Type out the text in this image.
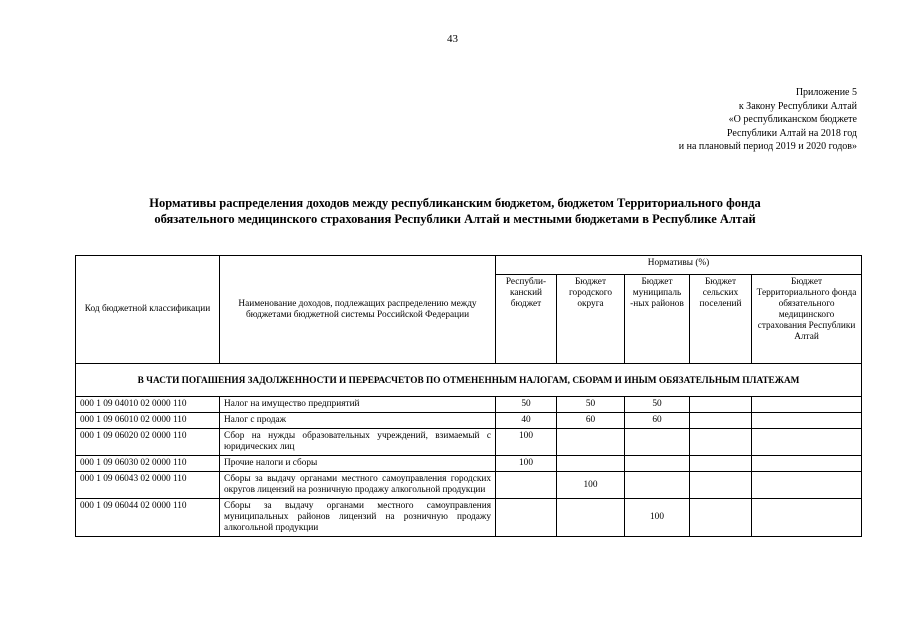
43
Приложение 5
к Закону Республики Алтай
«О республиканском бюджете
Республики Алтай на 2018 год
и на плановый период 2019 и 2020 годов»
Нормативы распределения доходов между республиканским бюджетом, бюджетом Территориального фонда
обязательного медицинского страхования Республики Алтай и местными бюджетами в Республике Алтай
Код бюджетной классификации	Наименование доходов, подлежащих распределению между бюджетами бюджетной системы Российской Федерации	Нормативы (%)				
		Республи-канский бюджет	Бюджет городского округа	Бюджет муниципаль -ных районов	Бюджет сельских поселений	Бюджет Территориального фонда обязательного медицинского страхования Республики Алтай
В ЧАСТИ ПОГАШЕНИЯ ЗАДОЛЖЕННОСТИ И ПЕРЕРАСЧЕТОВ ПО ОТМЕНЕННЫМ НАЛОГАМ, СБОРАМ И ИНЫМ ОБЯЗАТЕЛЬНЫМ ПЛАТЕЖАМ						
000 1 09 04010 02 0000 110	Налог на имущество предприятий	50	50	50		
000 1 09 06010 02 0000 110	Налог с продаж	40	60	60		
000 1 09 06020 02 0000 110	Сбор на нужды образовательных учреждений, взимаемый с юридических лиц	100				
000 1 09 06030 02 0000 110	Прочие налоги и сборы	100				
000 1 09 06043 02 0000 110	Сборы за выдачу органами местного самоуправления городских округов лицензий на розничную продажу алкогольной продукции		100			
000 1 09 06044 02 0000 110	Сборы за выдачу органами местного самоуправления муниципальных районов лицензий на розничную продажу алкогольной продукции			100		
